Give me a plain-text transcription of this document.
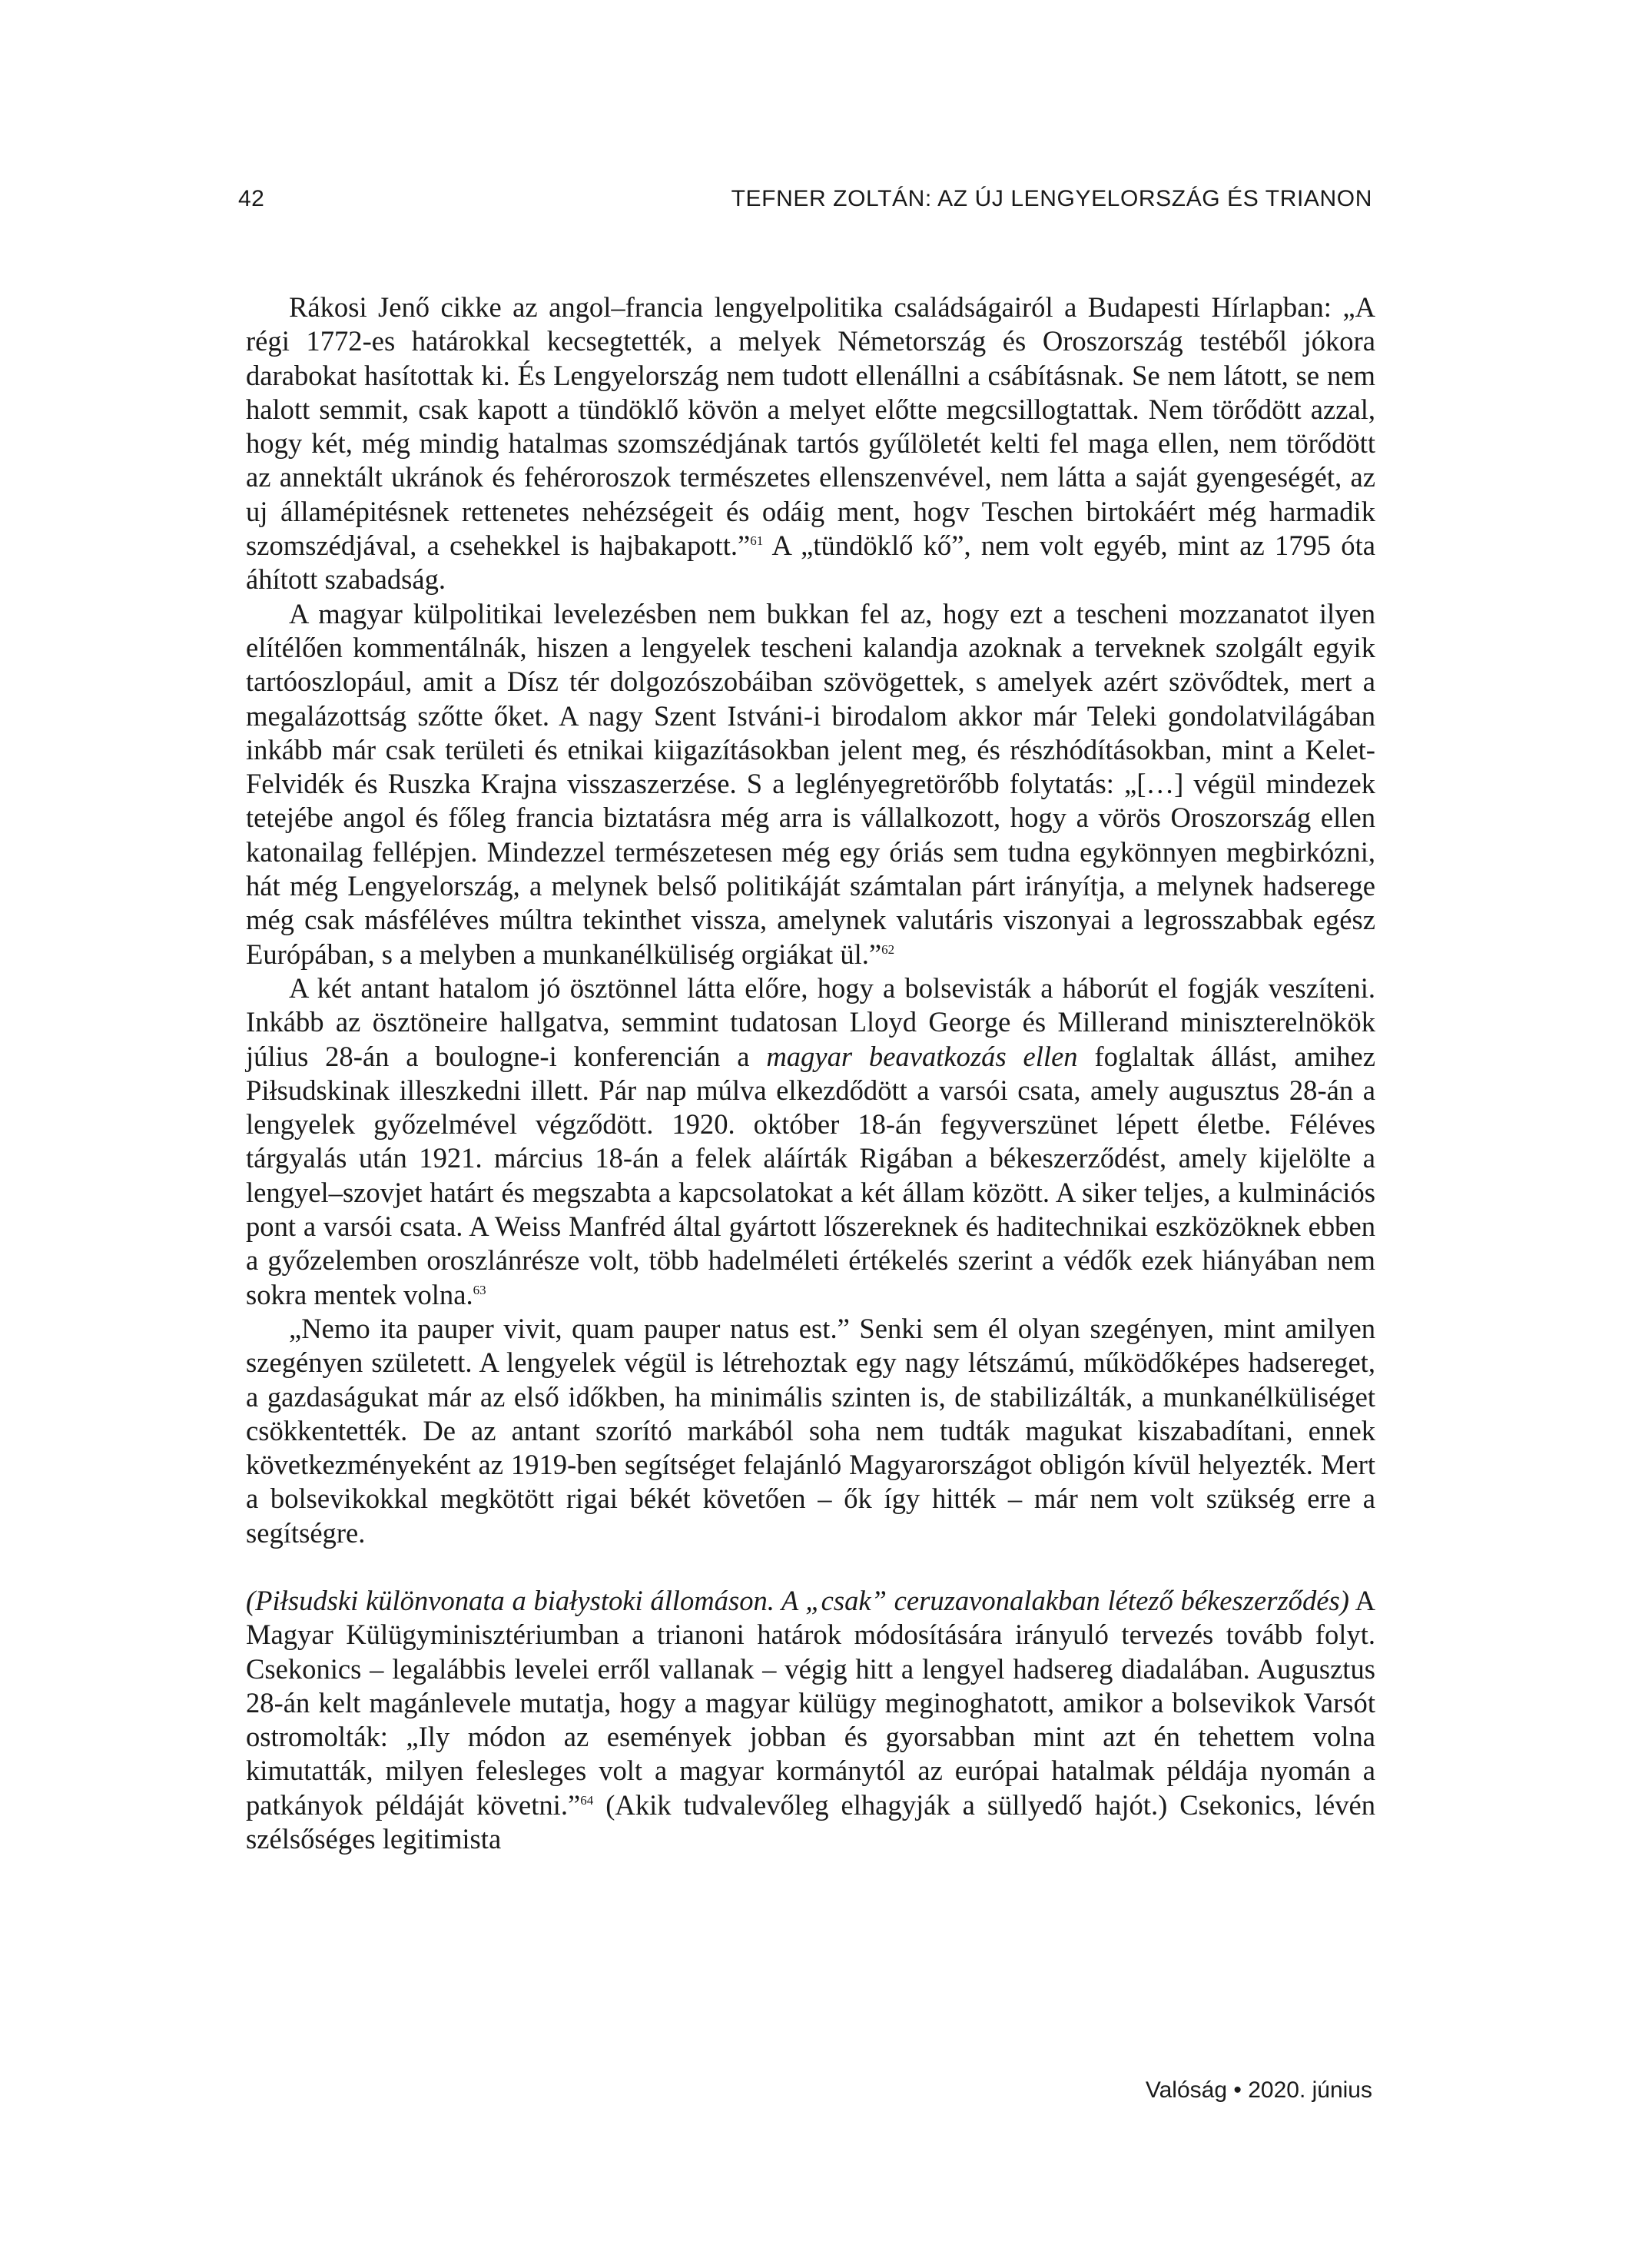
42	TEFNER ZOLTÁN: AZ ÚJ LENGYELORSZÁG ÉS TRIANON

Rákosi Jenő cikke az angol–francia lengyelpolitika családságairól a Budapesti Hírlapban: „A régi 1772-es határokkal kecsegtették, a melyek Németország és Oroszország testéből jókora darabokat hasítottak ki. És Lengyelország nem tudott ellenállni a csábításnak. Se nem látott, se nem halott semmit, csak kapott a tündöklő kövön a melyet előtte megcsillogtattak. Nem törődött azzal, hogy két, még mindig hatalmas szomszédjának tartós gyűlöletét kelti fel maga ellen, nem törődött az annektált ukránok és fehéroroszok természetes ellenszenvével, nem látta a saját gyengeségét, az uj államépitésnek rettenetes nehézségeit és odáig ment, hogv Teschen birtokáért még harmadik szomszédjával, a csehekkel is hajbakapott.”$^{61}$ A „tündöklő kő”, nem volt egyéb, mint az 1795 óta áhított szabadság.

A magyar külpolitikai levelezésben nem bukkan fel az, hogy ezt a tescheni mozzanatot ilyen elítélően kommentálnák, hiszen a lengyelek tescheni kalandja azoknak a terveknek szolgált egyik tartóoszlopául, amit a Dísz tér dolgozószobáiban szövögettek, s amelyek azért szövődtek, mert a megalázottság szőtte őket. A nagy Szent Istváni-i birodalom akkor már Teleki gondolatvilágában inkább már csak területi és etnikai kiigazításokban jelent meg, és részhódításokban, mint a Kelet-Felvidék és Ruszka Krajna visszaszerzése. S a leglényegretörőbb folytatás: „[…] végül mindezek tetejébe angol és főleg francia biztatásra még arra is vállalkozott, hogy a vörös Oroszország ellen katonailag fellépjen. Mindezzel természetesen még egy óriás sem tudna egykönnyen megbirkózni, hát még Lengyelország, a melynek belső politikáját számtalan párt irányítja, a melynek hadserege még csak másféléves múltra tekinthet vissza, amelynek valutáris viszonyai a legrosszabbak egész Európában, s a melyben a munkanélküliség orgiákat ül.”$^{62}$

A két antant hatalom jó ösztönnel látta előre, hogy a bolsevisták a háborút el fogják veszíteni. Inkább az ösztöneire hallgatva, semmint tudatosan Lloyd George és Millerand miniszterelnökök július 28-án a boulogne-i konferencián a magyar beavatkozás ellen foglaltak állást, amihez Piłsudskinak illeszkedni illett. Pár nap múlva elkezdődött a varsói csata, amely augusztus 28-án a lengyelek győzelmével végződött. 1920. október 18-án fegyverszünet lépett életbe. Féléves tárgyalás után 1921. március 18-án a felek aláírták Rigában a békeszerződést, amely kijelölte a lengyel–szovjet határt és megszabta a kapcsolatokat a két állam között. A siker teljes, a kulminációs pont a varsói csata. A Weiss Manfréd által gyártott lőszereknek és haditechnikai eszközöknek ebben a győzelemben oroszlánrésze volt, több hadelméleti értékelés szerint a védők ezek hiányában nem sokra mentek volna.$^{63}$

„Nemo ita pauper vivit, quam pauper natus est.” Senki sem él olyan szegényen, mint amilyen szegényen született. A lengyelek végül is létrehoztak egy nagy létszámú, működőképes hadsereget, a gazdaságukat már az első időkben, ha minimális szinten is, de stabilizálták, a munkanélküliséget csökkentették. De az antant szorító markából soha nem tudták magukat kiszabadítani, ennek következményeként az 1919-ben segítséget felajánló Magyarországot obligón kívül helyezték. Mert a bolsevikokkal megkötött rigai békét követően – ők így hitték – már nem volt szükség erre a segítségre.

(Piłsudski különvonata a białystoki állomáson. A „csak” ceruzavonalakban létező békeszerződés) A Magyar Külügyminisztériumban a trianoni határok módosítására irányuló tervezés tovább folyt. Csekonics – legalábbis levelei erről vallanak – végig hitt a lengyel hadsereg diadalában. Augusztus 28-án kelt magánlevele mutatja, hogy a magyar külügy meginoghatott, amikor a bolsevikok Varsót ostromolták: „Ily módon az események jobban és gyorsabban mint azt én tehettem volna kimutatták, milyen felesleges volt a magyar kormánytól az európai hatalmak példája nyomán a patkányok példáját követni.”$^{64}$ (Akik tudvalevőleg elhagyják a süllyedő hajót.) Csekonics, lévén szélsőséges legitimista

Valóság • 2020. június
